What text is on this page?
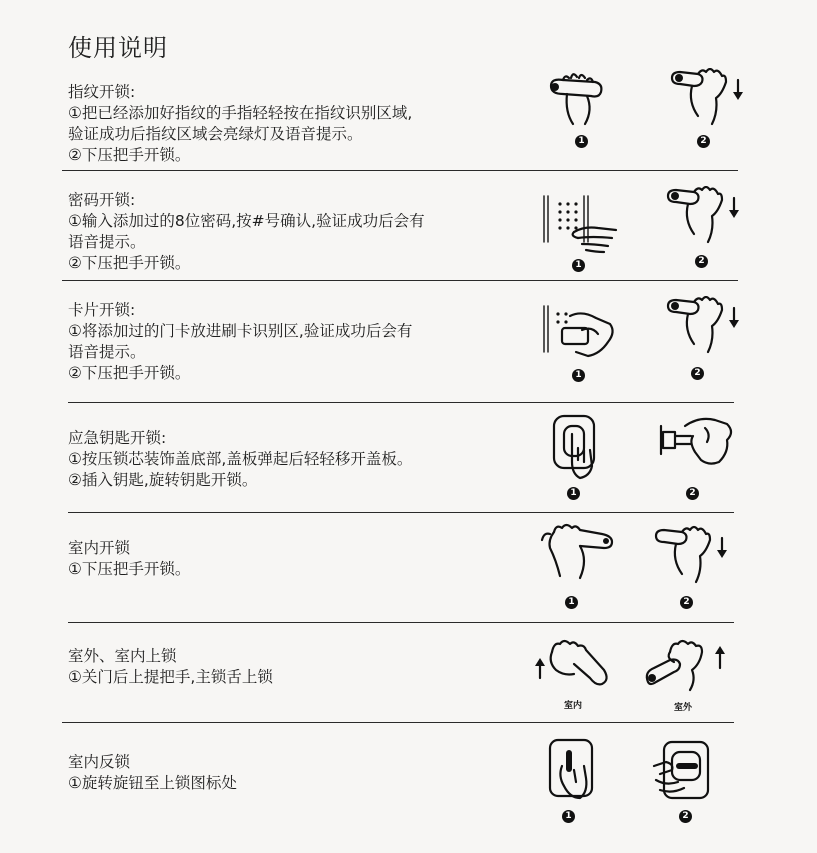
使用说明
指纹开锁:
①把已经添加好指纹的手指轻轻按在指纹识别区域,
验证成功后指纹区域会亮绿灯及语音提示。
②下压把手开锁。
1	2
密码开锁:
①输入添加过的8位密码,按#号确认,验证成功后会有
语音提示。
②下压把手开锁。	1	2
卡片开锁:
①将添加过的门卡放进刷卡识别区,验证成功后会有
语音提示。
②下压把手开锁。	1	2
应急钥匙开锁:
①按压锁芯装饰盖底部,盖板弹起后轻轻移开盖板。
②插入钥匙,旋转钥匙开锁。
1	2
室内开锁
①下压把手开锁。
1	2
室外、室内上锁
①关门后上提把手,主锁舌上锁
室内	室外
室内反锁
①旋转旋钮至上锁图标处
1	2
